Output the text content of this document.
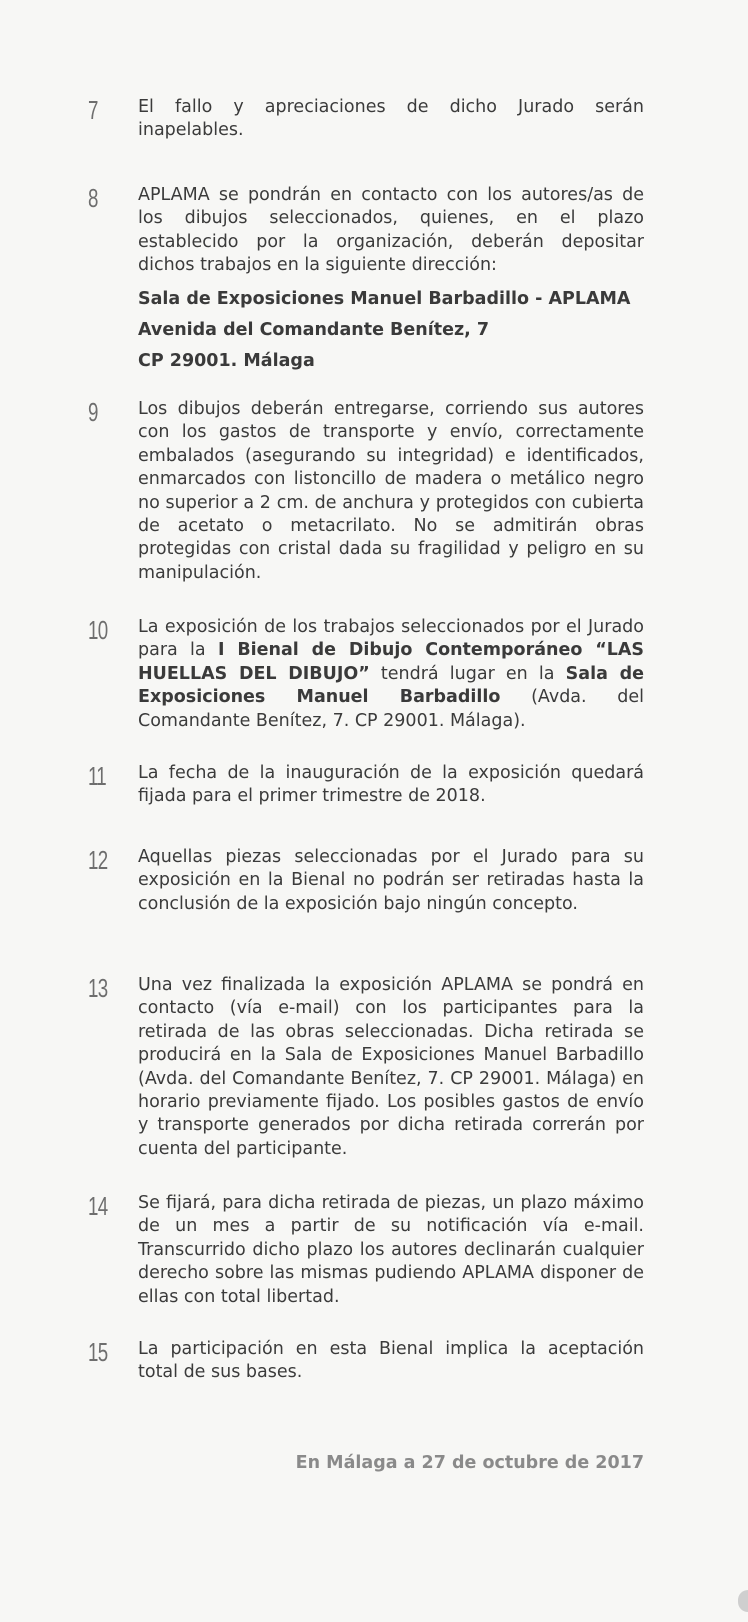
7	El fallo y apreciaciones de dicho Jurado serán inapelables.

8	APLAMA se pondrán en contacto con los autores/as de los dibujos seleccionados, quienes, en el plazo establecido por la organización, deberán depositar dichos trabajos en la siguiente dirección:

Sala de Exposiciones Manuel Barbadillo - APLAMA
Avenida del Comandante Benítez, 7
CP 29001. Málaga
9	Los dibujos deberán entregarse, corriendo sus autores con los gastos de transporte y envío, correctamente embalados (asegurando su integridad) e identificados, enmarcados con listoncillo de madera o metálico negro no superior a 2 cm. de anchura y protegidos con cubierta de acetato o metacrilato. No se admitirán obras protegidas con cristal dada su fragilidad y peligro en su manipulación.

10	La exposición de los trabajos seleccionados por el Jurado para la I Bienal de Dibujo Contemporáneo “LAS HUELLAS DEL DIBUJO” tendrá lugar en la Sala de Exposiciones Manuel Barbadillo (Avda. del Comandante Benítez, 7. CP 29001. Málaga).

11	La fecha de la inauguración de la exposición quedará fijada para el primer trimestre de 2018.

12	Aquellas piezas seleccionadas por el Jurado para su exposición en la Bienal no podrán ser retiradas hasta la conclusión de la exposición bajo ningún concepto.

13	Una vez finalizada la exposición APLAMA se pondrá en contacto (vía e-mail) con los participantes para la retirada de las obras seleccionadas. Dicha retirada se producirá en la Sala de Exposiciones Manuel Barbadillo (Avda. del Comandante Benítez, 7. CP 29001. Málaga) en horario previamente fijado. Los posibles gastos de envío y transporte generados por dicha retirada correrán por cuenta del participante.

14	Se fijará, para dicha retirada de piezas, un plazo máximo de un mes a partir de su notificación vía e-mail. Transcurrido dicho plazo los autores declinarán cualquier derecho sobre las mismas pudiendo APLAMA disponer de ellas con total libertad.

15	La participación en esta Bienal implica la aceptación total de sus bases.

En Málaga a 27 de octubre de 2017
